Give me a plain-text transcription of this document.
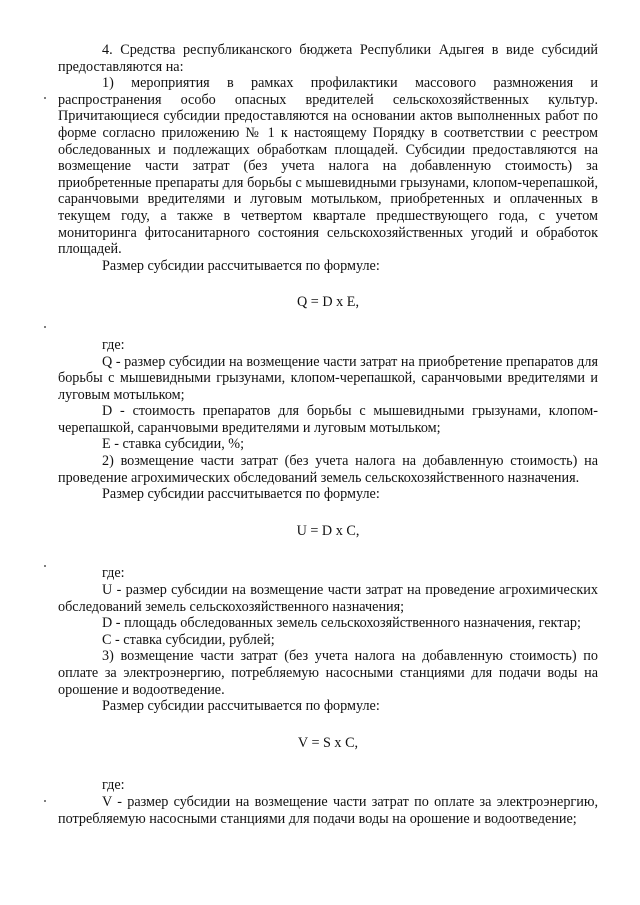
4. Средства республиканского бюджета Республики Адыгея в виде субсидий предоставляются на:

1) мероприятия в рамках профилактики массового размножения и распространения особо опасных вредителей сельскохозяйственных культур. Причитающиеся субсидии предоставляются на основании актов выполненных работ по форме согласно приложению № 1 к настоящему Порядку в соответствии с реестром обследованных и подлежащих обработкам площадей. Субсидии предоставляются на возмещение части затрат (без учета налога на добавленную стоимость) за приобретенные препараты для борьбы с мышевидными грызунами, клопом-черепашкой, саранчовыми вредителями и луговым мотыльком, приобретенных и оплаченных в текущем году, а также в четвертом квартале предшествующего года, с учетом мониторинга фитосанитарного состояния сельскохозяйственных угодий и обработок площадей.

Размер субсидии рассчитывается по формуле:

Q = D x E,

где:

Q - размер субсидии на возмещение части затрат на приобретение препаратов для борьбы с мышевидными грызунами, клопом-черепашкой, саранчовыми вредителями и луговым мотыльком;

D - стоимость препаратов для борьбы с мышевидными грызунами, клопом-черепашкой, саранчовыми вредителями и луговым мотыльком;

E - ставка субсидии, %;

2) возмещение части затрат (без учета налога на добавленную стоимость) на проведение агрохимических обследований земель сельскохозяйственного назначения.

Размер субсидии рассчитывается по формуле:

U = D x C,

где:

U - размер субсидии на возмещение части затрат на проведение агрохимических обследований земель сельскохозяйственного назначения;

D - площадь обследованных земель сельскохозяйственного назначения, гектар;

C - ставка субсидии, рублей;

3) возмещение части затрат (без учета налога на добавленную стоимость) по оплате за электроэнергию, потребляемую насосными станциями для подачи воды на орошение и водоотведение.

Размер субсидии рассчитывается по формуле:

V = S x C,

где:

V - размер субсидии на возмещение части затрат по оплате за электроэнергию, потребляемую насосными станциями для подачи воды на орошение и водоотведение;
